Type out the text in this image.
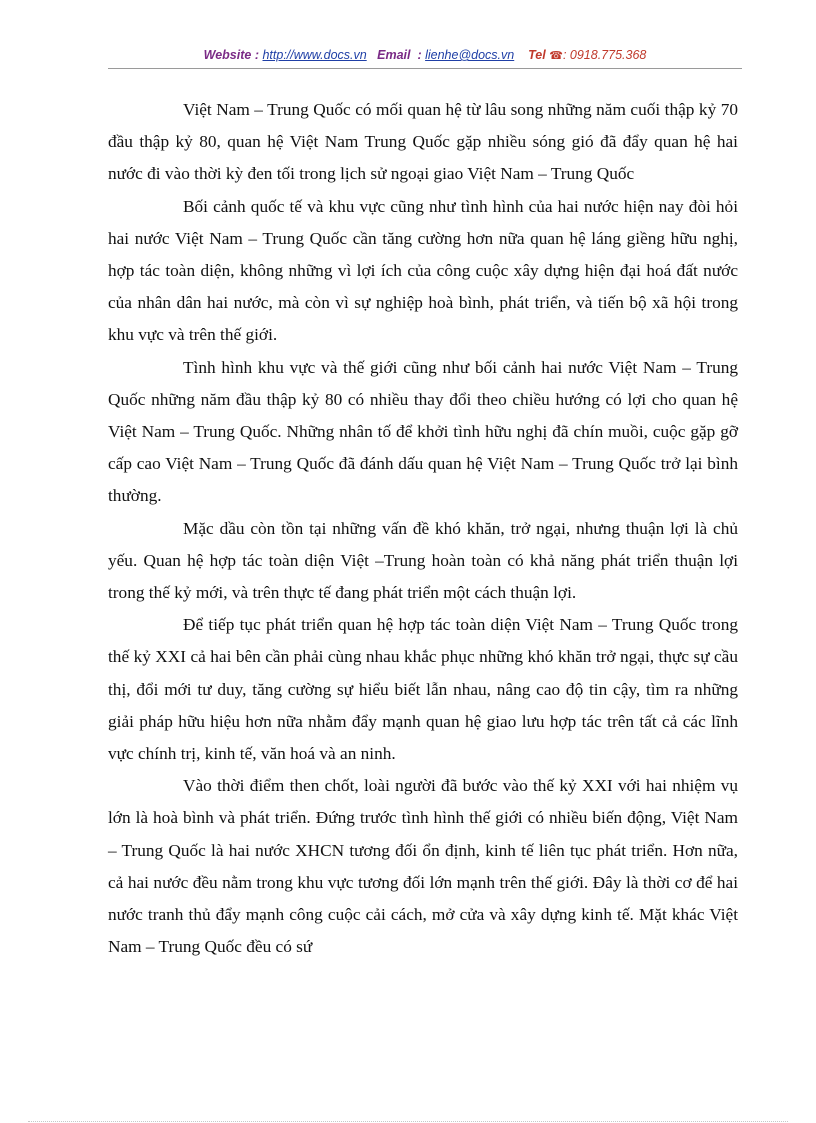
Website : http://www.docs.vn Email : lienhe@docs.vn Tel ☎: 0918.775.368

Việt Nam – Trung Quốc có mối quan hệ từ lâu song những năm cuối thập kỷ 70 đầu thập kỷ 80, quan hệ Việt Nam Trung Quốc gặp nhiều sóng gió đã đẩy quan hệ hai nước đi vào thời kỳ đen tối trong lịch sử ngoại giao Việt Nam – Trung Quốc

Bối cảnh quốc tế và khu vực cũng như tình hình của hai nước hiện nay đòi hỏi hai nước Việt Nam – Trung Quốc cần tăng cường hơn nữa quan hệ láng giềng hữu nghị, hợp tác toàn diện, không những vì lợi ích của công cuộc xây dựng hiện đại hoá đất nước của nhân dân hai nước, mà còn vì sự nghiệp hoà bình, phát triển, và tiến bộ xã hội trong khu vực và trên thế giới.

Tình hình khu vực và thế giới cũng như bối cảnh hai nước Việt Nam – Trung Quốc những năm đầu thập kỷ 80 có nhiều thay đổi theo chiều hướng có lợi cho quan hệ Việt Nam – Trung Quốc. Những nhân tố để khởi tình hữu nghị đã chín muồi, cuộc gặp gỡ cấp cao Việt Nam – Trung Quốc đã đánh dấu quan hệ Việt Nam – Trung Quốc trở lại bình thường.

Mặc dầu còn tồn tại những vấn đề khó khăn, trở ngại, nhưng thuận lợi là chủ yếu. Quan hệ hợp tác toàn diện Việt –Trung hoàn toàn có khả năng phát triển thuận lợi trong thế kỷ mới, và trên thực tế đang phát triển một cách thuận lợi.

Để tiếp tục phát triển quan hệ hợp tác toàn diện Việt Nam – Trung Quốc trong thế kỷ XXI cả hai bên cần phải cùng nhau khắc phục những khó khăn trở ngại, thực sự cầu thị, đổi mới tư duy, tăng cường sự hiểu biết lẫn nhau, nâng cao độ tin cậy, tìm ra những giải pháp hữu hiệu hơn nữa nhằm đẩy mạnh quan hệ giao lưu hợp tác trên tất cả các lĩnh vực chính trị, kinh tế, văn hoá và an ninh.

Vào thời điểm then chốt, loài người đã bước vào thế kỷ XXI với hai nhiệm vụ lớn là hoà bình và phát triển. Đứng trước tình hình thế giới có nhiều biến động, Việt Nam – Trung Quốc là hai nước XHCN tương đối ổn định, kinh tế liên tục phát triển. Hơn nữa, cả hai nước đều nằm trong khu vực tương đối lớn mạnh trên thế giới. Đây là thời cơ để hai nước tranh thủ đẩy mạnh công cuộc cải cách, mở cửa và xây dựng kinh tế. Mặt khác Việt Nam – Trung Quốc đều có sứ
